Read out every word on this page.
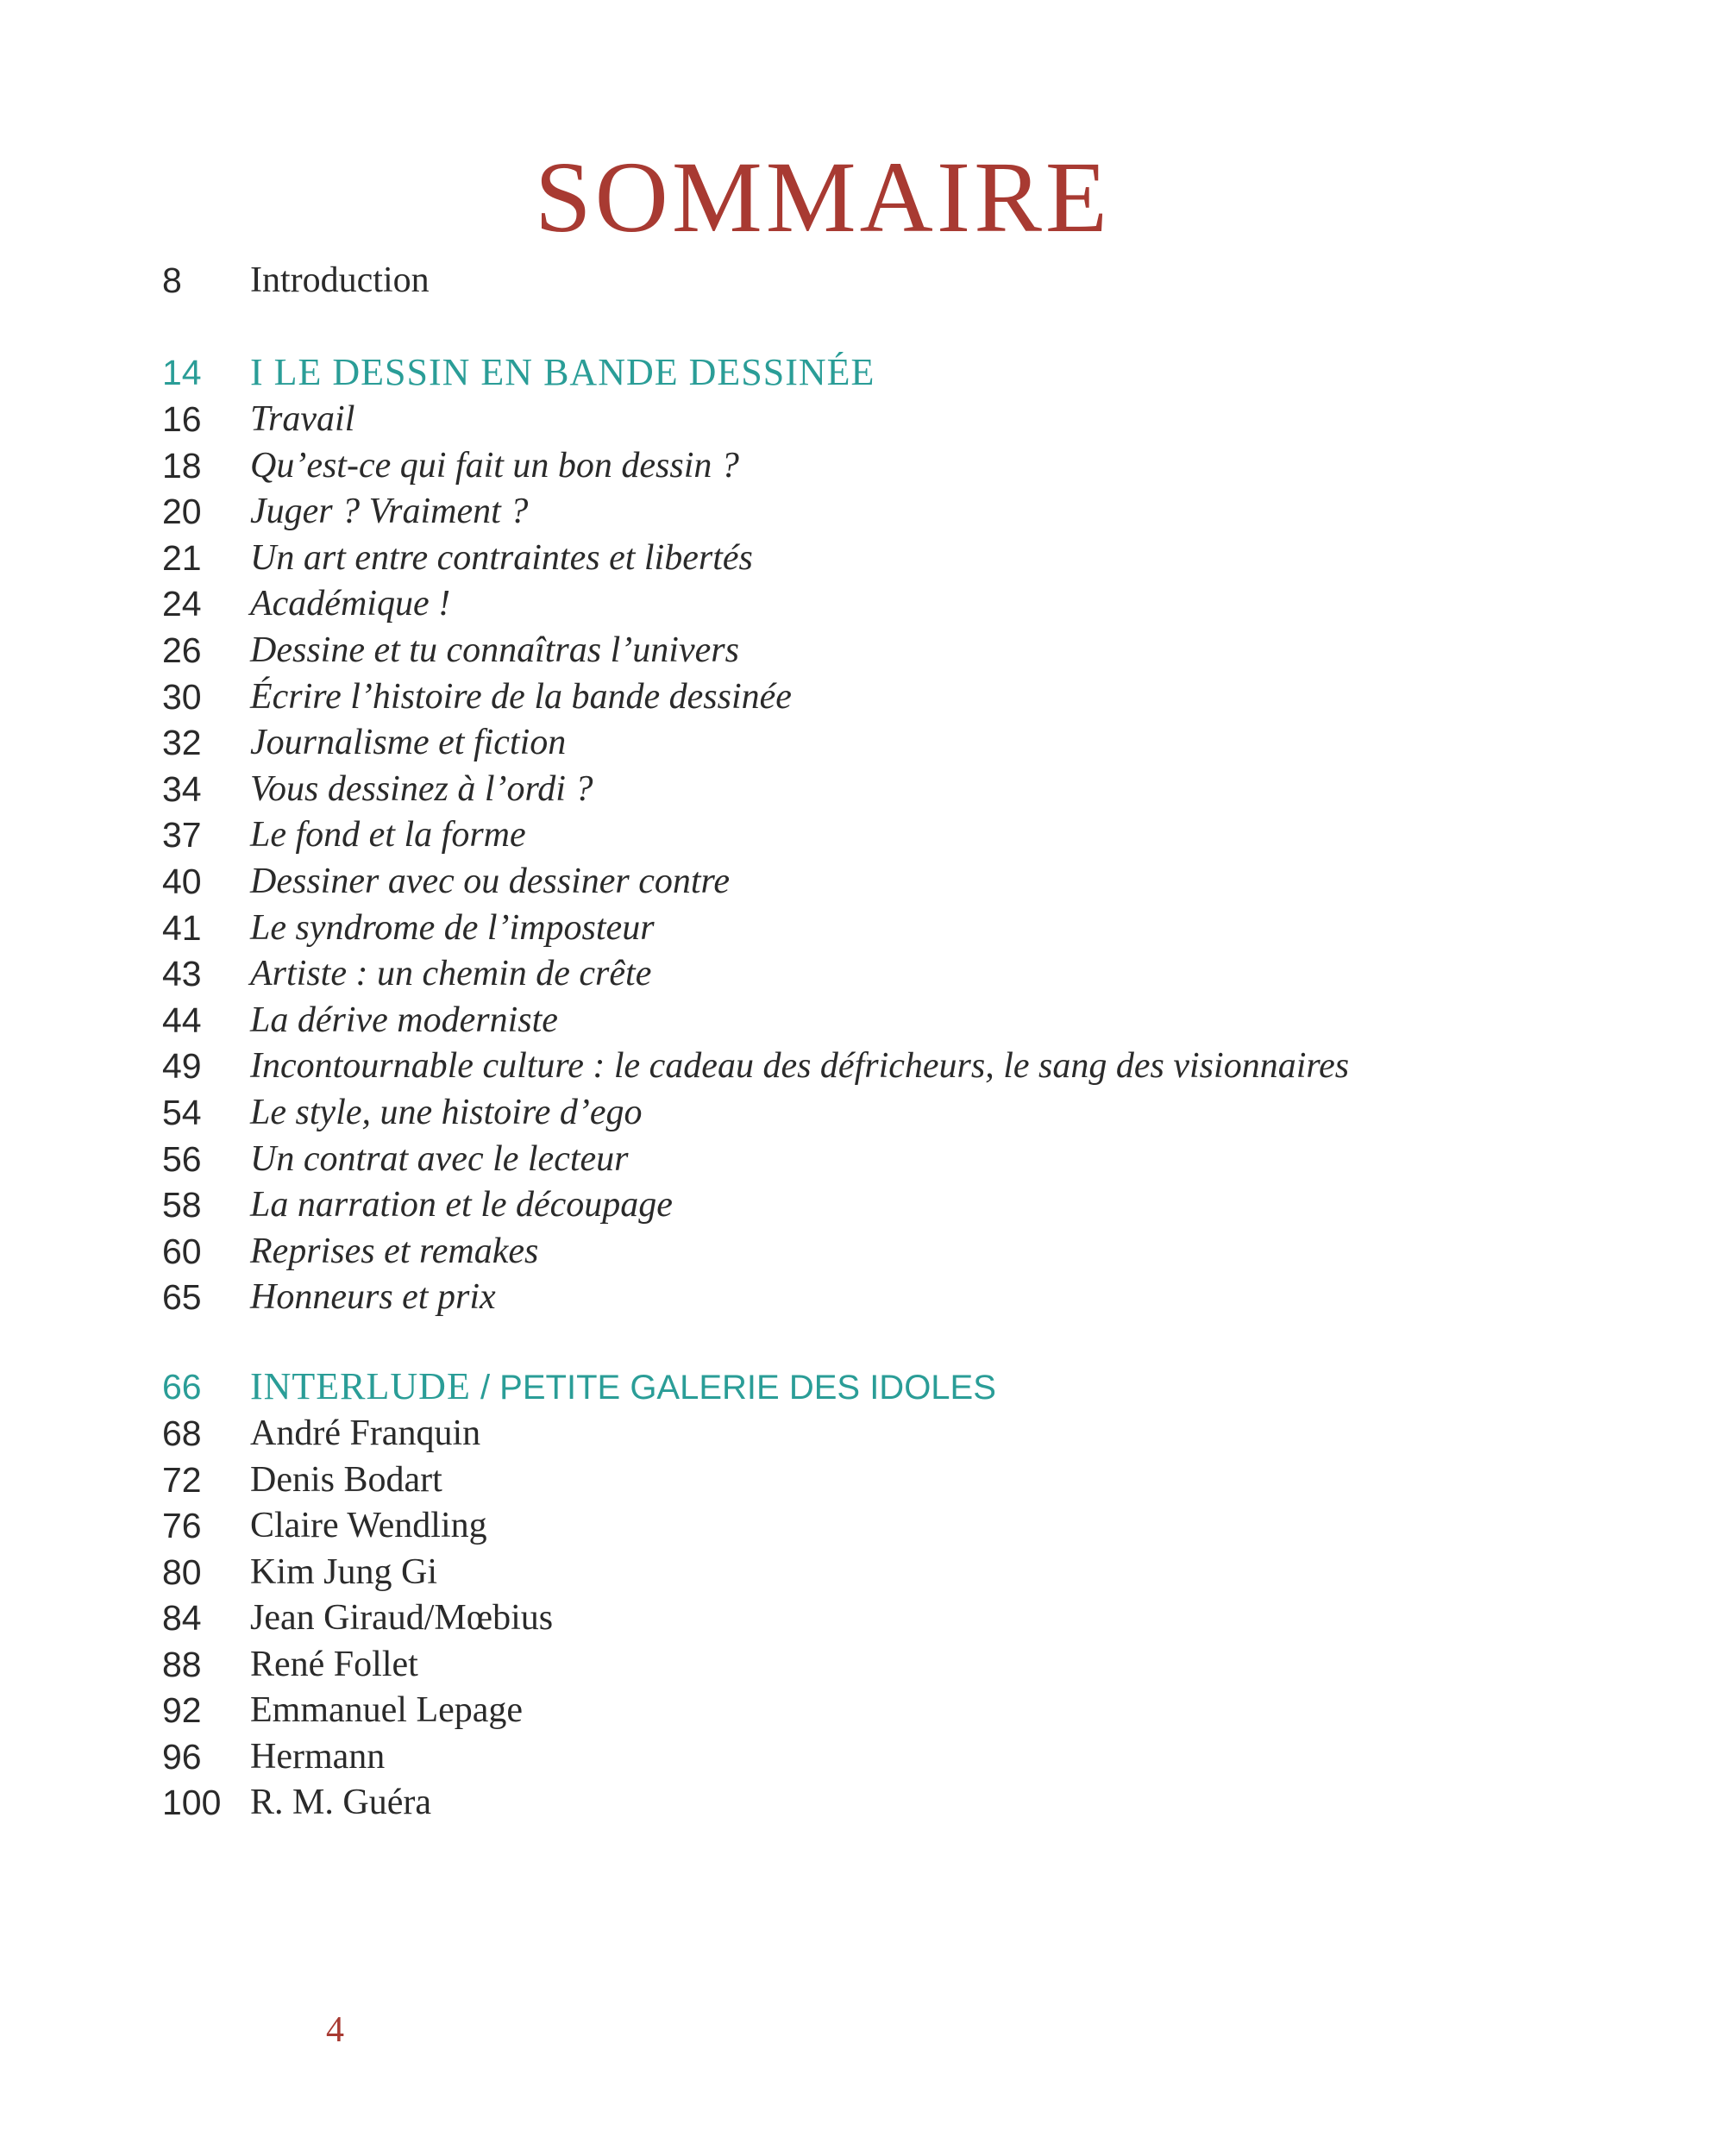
SOMMAIRE
8 Introduction
14 I LE DESSIN EN BANDE DESSINÉE
16 Travail
18 Qu’est-ce qui fait un bon dessin ?
20 Juger ? Vraiment ?
21 Un art entre contraintes et libertés
24 Académique !
26 Dessine et tu connaîtras l’univers
30 Écrire l’histoire de la bande dessinée
32 Journalisme et fiction
34 Vous dessinez à l’ordi ?
37 Le fond et la forme
40 Dessiner avec ou dessiner contre
41 Le syndrome de l’imposteur
43 Artiste : un chemin de crête
44 La dérive moderniste
49 Incontournable culture : le cadeau des défricheurs, le sang des visionnaires
54 Le style, une histoire d’ego
56 Un contrat avec le lecteur
58 La narration et le découpage
60 Reprises et remakes
65 Honneurs et prix
66 INTERLUDE / PETITE GALERIE DES IDOLES
68 André Franquin
72 Denis Bodart
76 Claire Wendling
80 Kim Jung Gi
84 Jean Giraud/Mœbius
88 René Follet
92 Emmanuel Lepage
96 Hermann
100 R. M. Guéra
4
